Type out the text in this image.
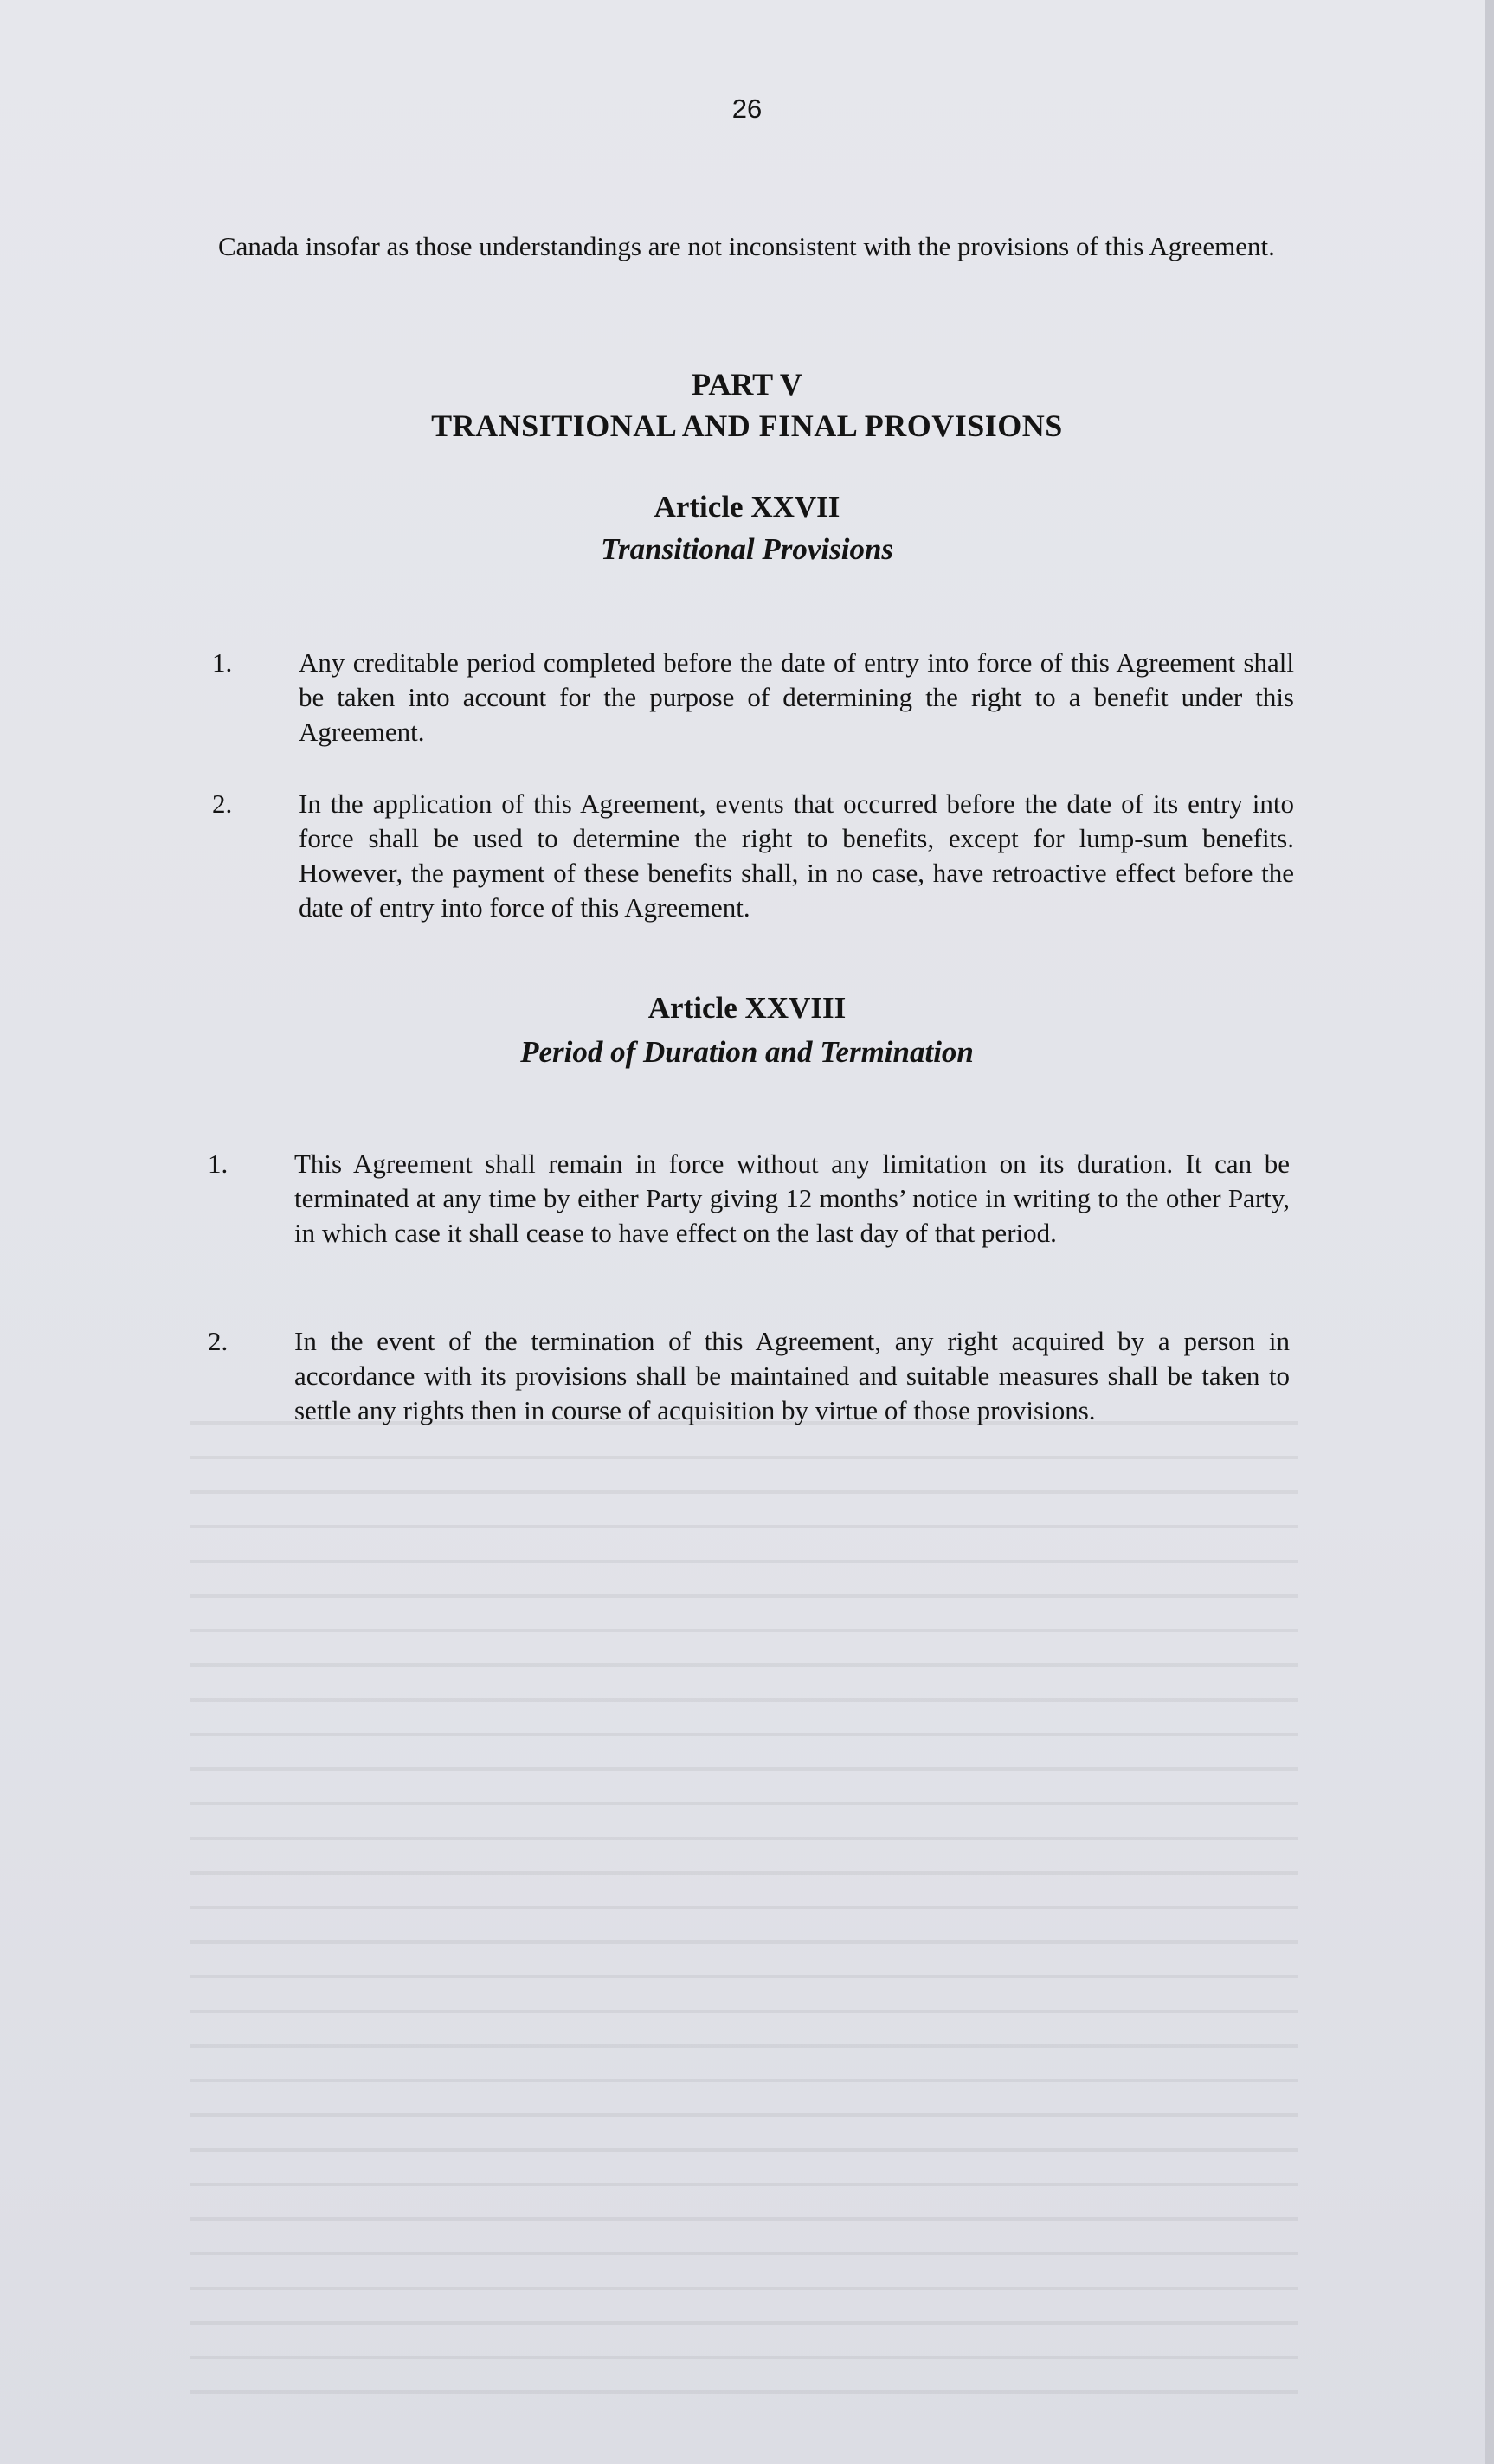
26

Canada insofar as those understandings are not inconsistent with the provisions of this Agreement.

PART V
TRANSITIONAL AND FINAL PROVISIONS
Article XXVII
Transitional Provisions
1. Any creditable period completed before the date of entry into force of this Agreement shall be taken into account for the purpose of determining the right to a benefit under this Agreement.

2. In the application of this Agreement, events that occurred before the date of its entry into force shall be used to determine the right to benefits, except for lump-sum benefits. However, the payment of these benefits shall, in no case, have retroactive effect before the date of entry into force of this Agreement.

Article XXVIII
Period of Duration and Termination
1. This Agreement shall remain in force without any limitation on its duration. It can be terminated at any time by either Party giving 12 months’ notice in writing to the other Party, in which case it shall cease to have effect on the last day of that period.

2. In the event of the termination of this Agreement, any right acquired by a person in accordance with its provisions shall be maintained and suitable measures shall be taken to settle any rights then in course of acquisition by virtue of those provisions.
